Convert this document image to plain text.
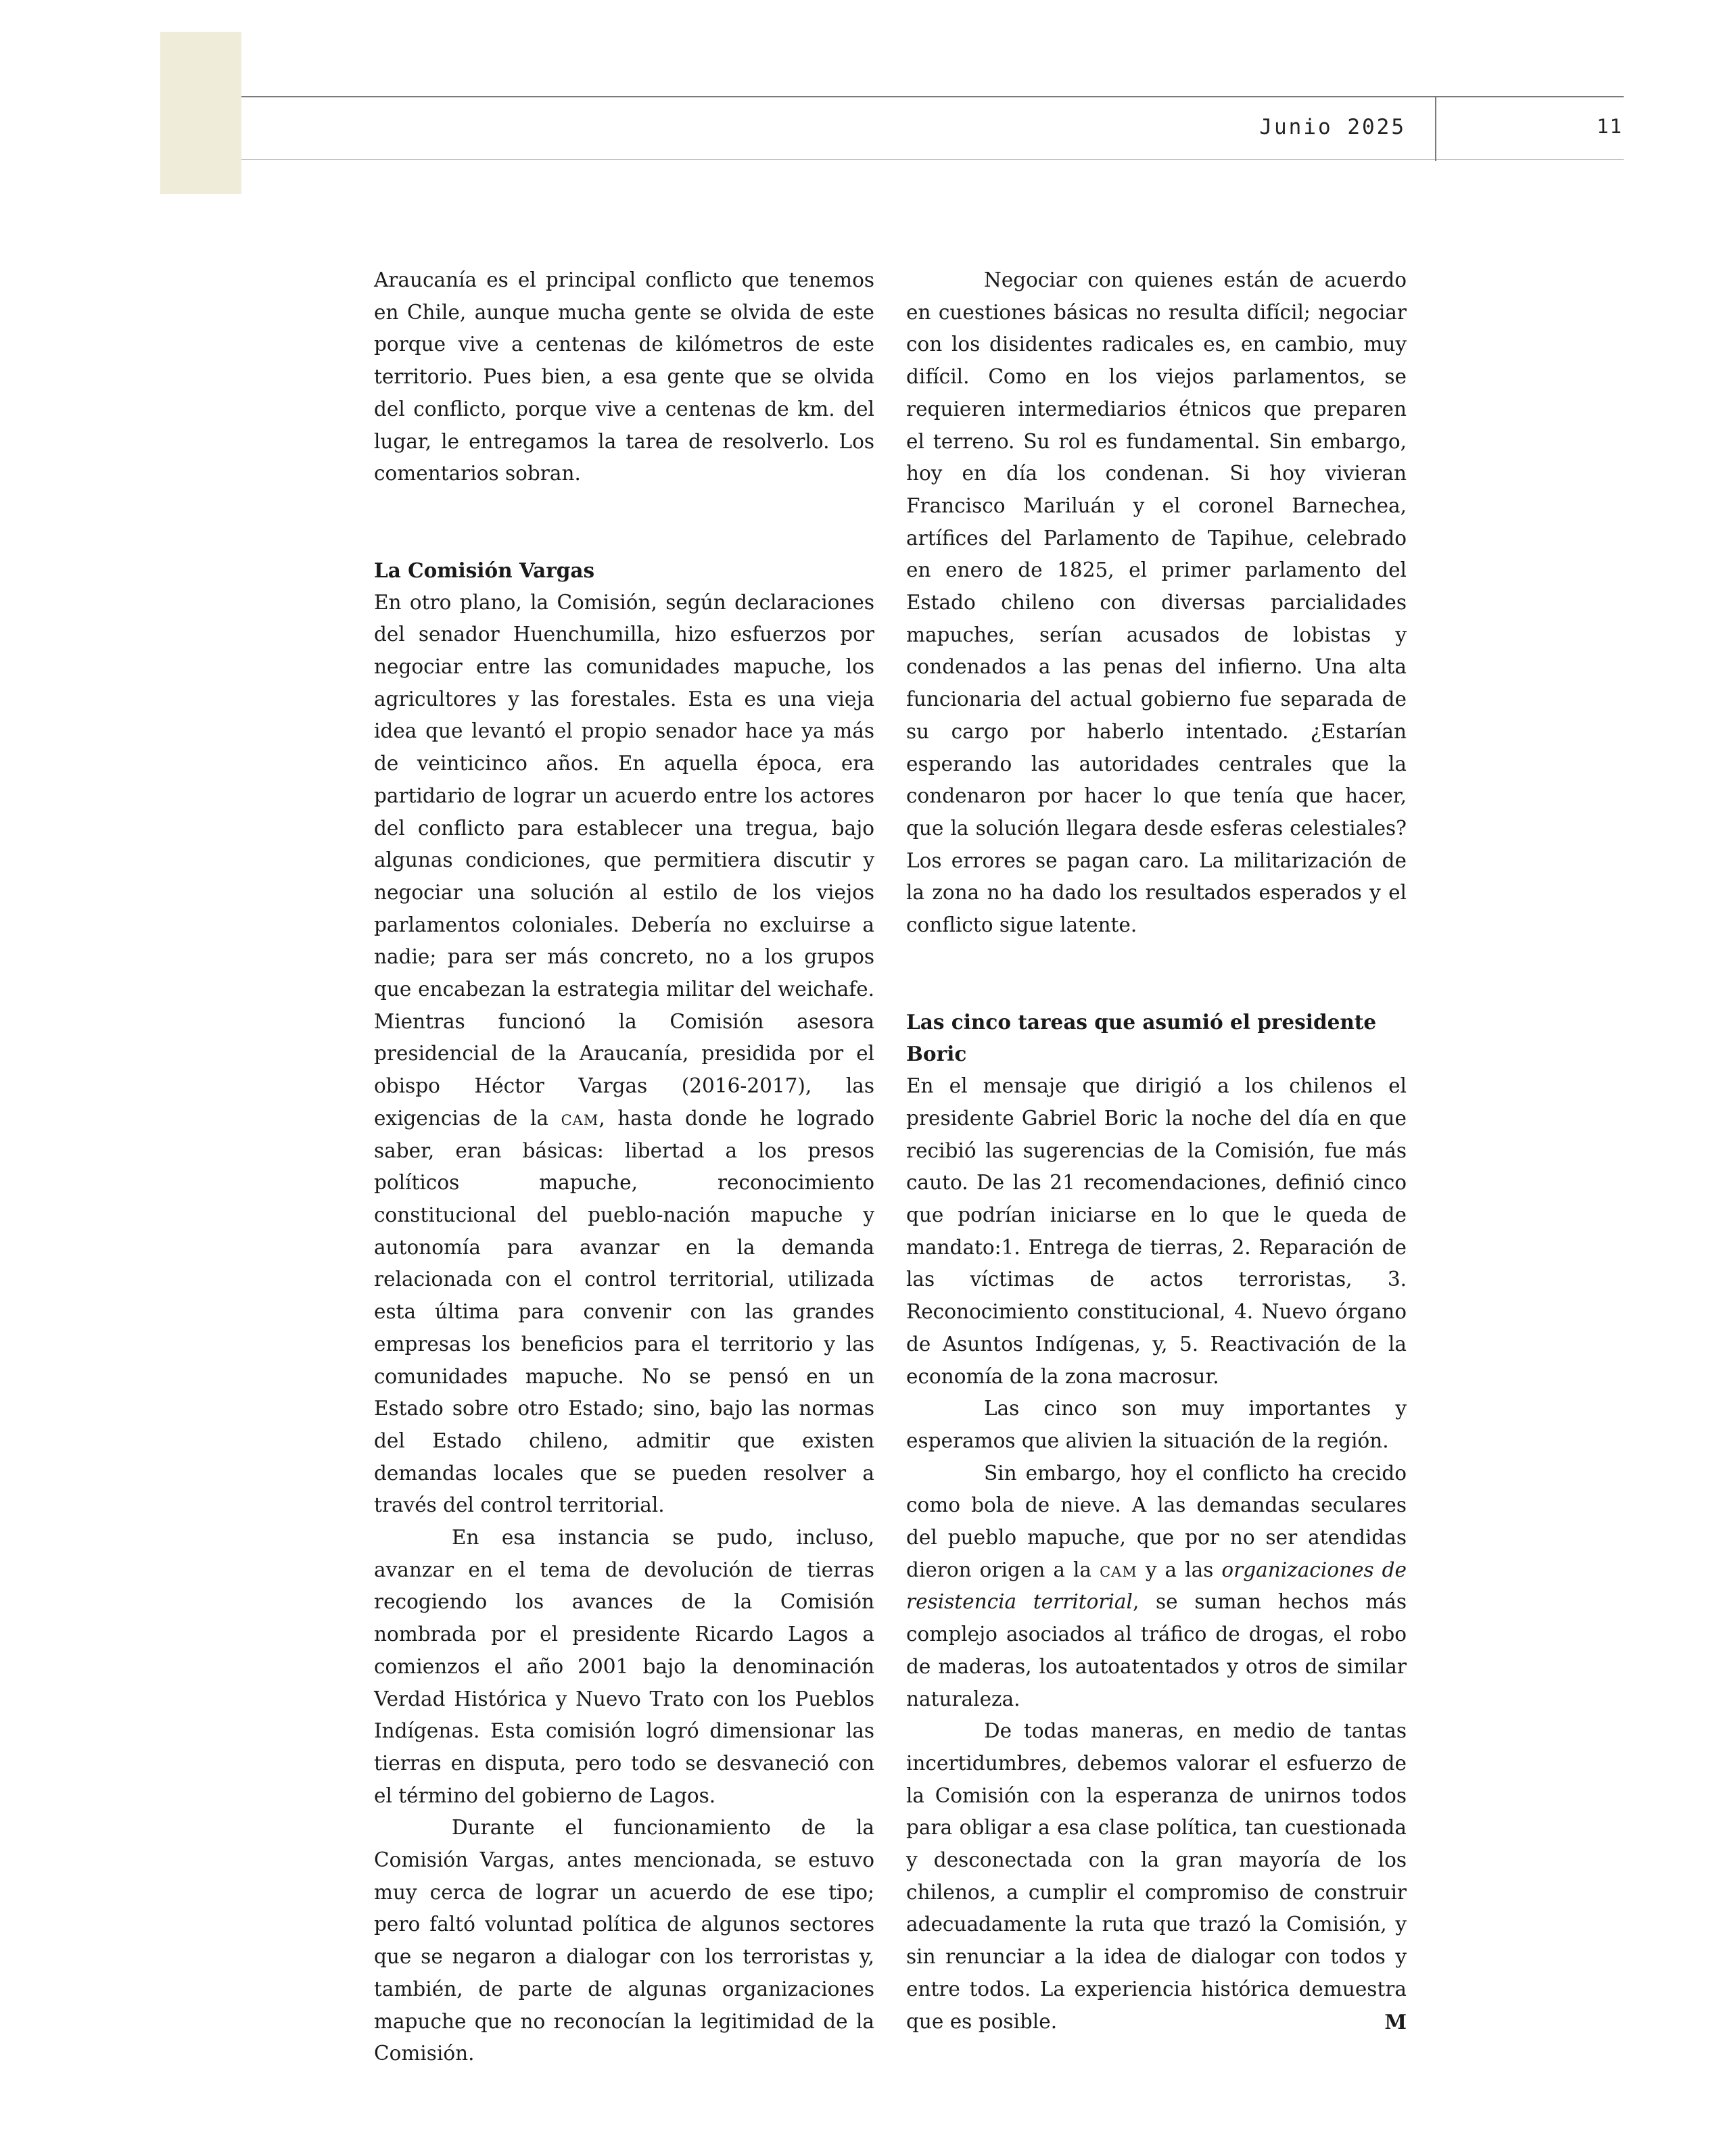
Junio 2025	11

Araucanía es el principal conflicto que tenemos en Chile, aunque mucha gente se olvida de este porque vive a centenas de kilómetros de este territorio. Pues bien, a esa gente que se olvida del conflicto, porque vive a centenas de km. del lugar, le entregamos la tarea de resolverlo. Los comentarios sobran.

La Comisión Vargas

En otro plano, la Comisión, según declaraciones del senador Huenchumilla, hizo esfuerzos por negociar entre las comunidades mapuche, los agricultores y las forestales. Esta es una vieja idea que levantó el propio senador hace ya más de veinticinco años. En aquella época, era partidario de lograr un acuerdo entre los actores del conflicto para establecer una tregua, bajo algunas condiciones, que permitiera discutir y negociar una solución al estilo de los viejos parlamentos coloniales. Debería no excluirse a nadie; para ser más concreto, no a los grupos que encabezan la estrategia militar del weichafe. Mientras funcionó la Comisión asesora presidencial de la Araucanía, presidida por el obispo Héctor Vargas (2016-2017), las exigencias de la cam, hasta donde he logrado saber, eran básicas: libertad a los presos políticos mapuche, reconocimiento constitucional del pueblo-nación mapuche y autonomía para avanzar en la demanda relacionada con el control territorial, utilizada esta última para convenir con las grandes empresas los beneficios para el territorio y las comunidades mapuche. No se pensó en un Estado sobre otro Estado; sino, bajo las normas del Estado chileno, admitir que existen demandas locales que se pueden resolver a través del control territorial.

En esa instancia se pudo, incluso, avanzar en el tema de devolución de tierras recogiendo los avances de la Comisión nombrada por el presidente Ricardo Lagos a comienzos el año 2001 bajo la denominación Verdad Histórica y Nuevo Trato con los Pueblos Indígenas. Esta comisión logró dimensionar las tierras en disputa, pero todo se desvaneció con el término del gobierno de Lagos.

Durante el funcionamiento de la Comisión Vargas, antes mencionada, se estuvo muy cerca de lograr un acuerdo de ese tipo; pero faltó voluntad política de algunos sectores que se negaron a dialogar con los terroristas y, también, de parte de algunas organizaciones mapuche que no reconocían la legitimidad de la Comisión.

Negociar con quienes están de acuerdo en cuestiones básicas no resulta difícil; negociar con los disidentes radicales es, en cambio, muy difícil. Como en los viejos parlamentos, se requieren intermediarios étnicos que preparen el terreno. Su rol es fundamental. Sin embargo, hoy en día los condenan. Si hoy vivieran Francisco Mariluán y el coronel Barnechea, artífices del Parlamento de Tapihue, celebrado en enero de 1825, el primer parlamento del Estado chileno con diversas parcialidades mapuches, serían acusados de lobistas y condenados a las penas del infierno. Una alta funcionaria del actual gobierno fue separada de su cargo por haberlo intentado. ¿Estarían esperando las autoridades centrales que la condenaron por hacer lo que tenía que hacer, que la solución llegara desde esferas celestiales? Los errores se pagan caro. La militarización de la zona no ha dado los resultados esperados y el conflicto sigue latente.

Las cinco tareas que asumió el presidente Boric

En el mensaje que dirigió a los chilenos el presidente Gabriel Boric la noche del día en que recibió las sugerencias de la Comisión, fue más cauto. De las 21 recomendaciones, definió cinco que podrían iniciarse en lo que le queda de mandato:1. Entrega de tierras, 2. Reparación de las víctimas de actos terroristas, 3. Reconocimiento constitucional, 4. Nuevo órgano de Asuntos Indígenas, y, 5. Reactivación de la economía de la zona macrosur.

Las cinco son muy importantes y esperamos que alivien la situación de la región.

Sin embargo, hoy el conflicto ha crecido como bola de nieve. A las demandas seculares del pueblo mapuche, que por no ser atendidas dieron origen a la cam y a las organizaciones de resistencia territorial, se suman hechos más complejo asociados al tráfico de drogas, el robo de maderas, los autoatentados y otros de similar naturaleza.

De todas maneras, en medio de tantas incertidumbres, debemos valorar el esfuerzo de la Comisión con la esperanza de unirnos todos para obligar a esa clase política, tan cuestionada y desconectada con la gran mayoría de los chilenos, a cumplir el compromiso de construir adecuadamente la ruta que trazó la Comisión, y sin renunciar a la idea de dialogar con todos y entre todos. La experiencia histórica demuestra que es posible.	M
